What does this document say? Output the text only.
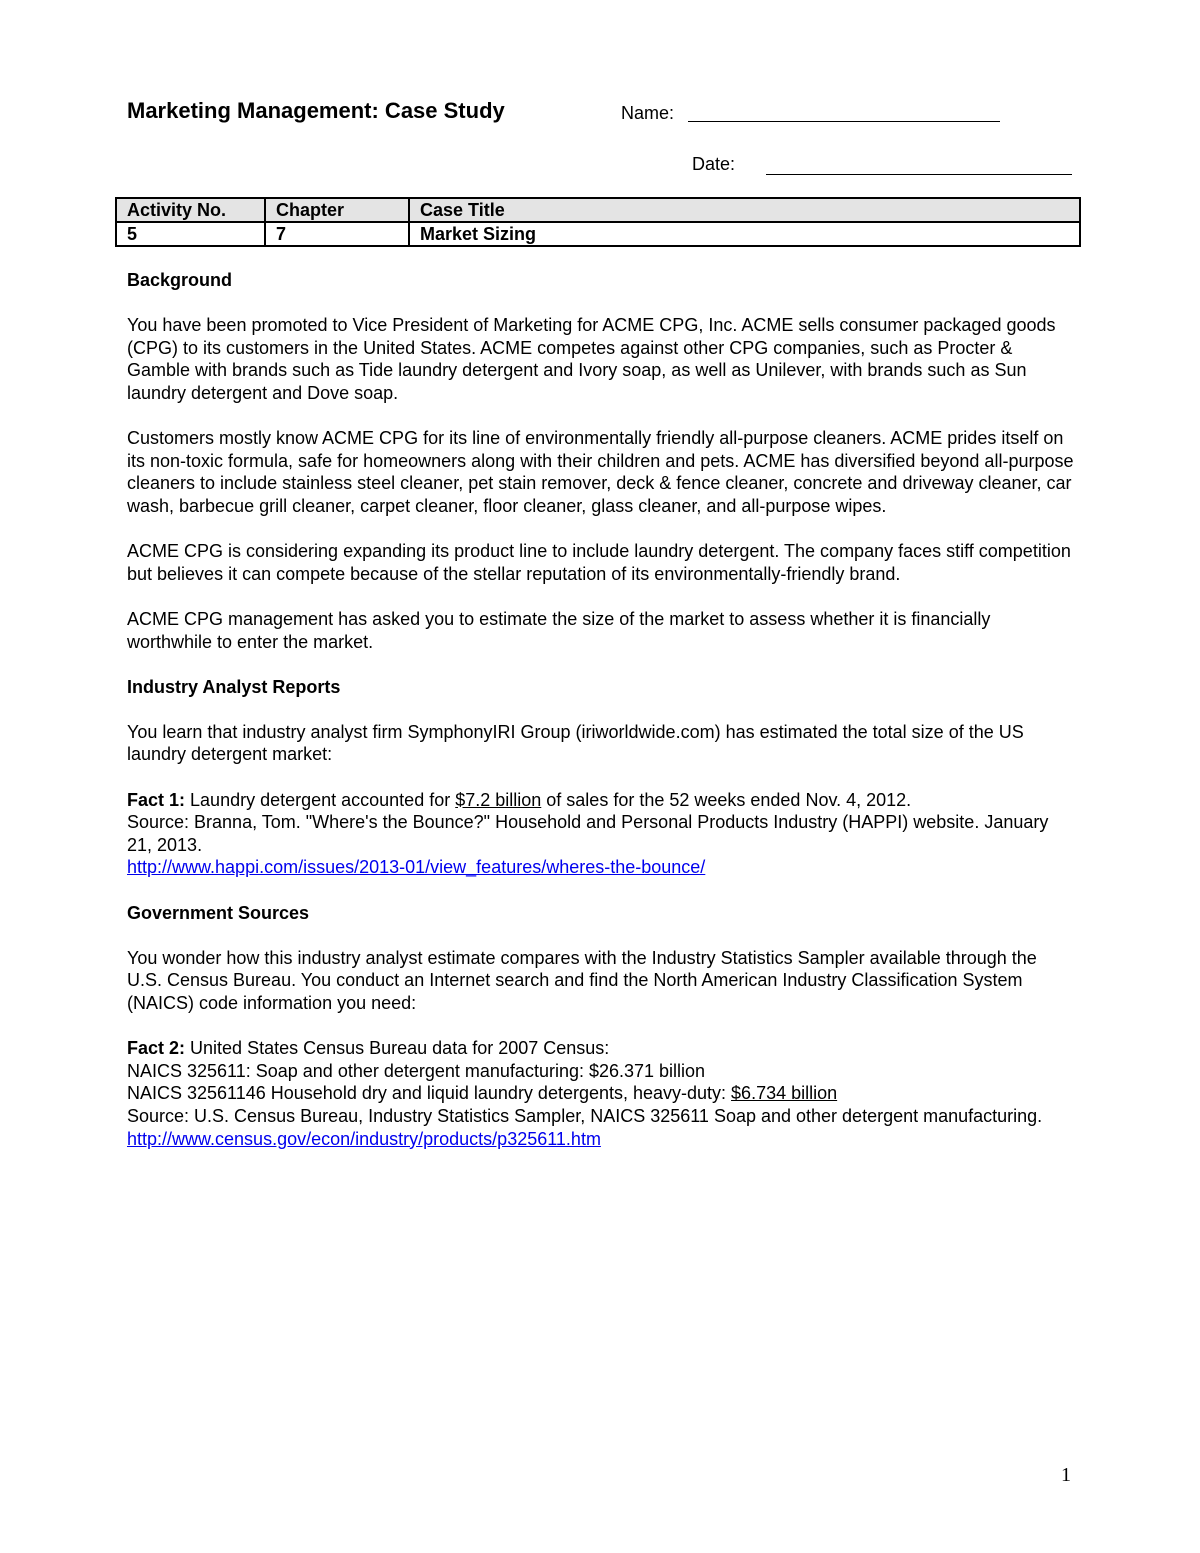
Marketing Management: Case Study	Name:
Date:
Activity No.	Chapter	Case Title
5	7	Market Sizing
Background

You have been promoted to Vice President of Marketing for ACME CPG, Inc. ACME sells consumer packaged goods (CPG) to its customers in the United States. ACME competes against other CPG companies, such as Procter & Gamble with brands such as Tide laundry detergent and Ivory soap, as well as Unilever, with brands such as Sun laundry detergent and Dove soap.

Customers mostly know ACME CPG for its line of environmentally friendly all-purpose cleaners. ACME prides itself on its non-toxic formula, safe for homeowners along with their children and pets. ACME has diversified beyond all-purpose cleaners to include stainless steel cleaner, pet stain remover, deck & fence cleaner, concrete and driveway cleaner, car wash, barbecue grill cleaner, carpet cleaner, floor cleaner, glass cleaner, and all-purpose wipes.

ACME CPG is considering expanding its product line to include laundry detergent. The company faces stiff competition but believes it can compete because of the stellar reputation of its environmentally-friendly brand.

ACME CPG management has asked you to estimate the size of the market to assess whether it is financially worthwhile to enter the market.

Industry Analyst Reports

You learn that industry analyst firm SymphonyIRI Group (iriworldwide.com) has estimated the total size of the US laundry detergent market:

Fact 1: Laundry detergent accounted for $7.2 billion of sales for the 52 weeks ended Nov. 4, 2012.

Source: Branna, Tom. "Where's the Bounce?" Household and Personal Products Industry (HAPPI) website. January 21, 2013.

http://www.happi.com/issues/2013-01/view_features/wheres-the-bounce/

Government Sources

You wonder how this industry analyst estimate compares with the Industry Statistics Sampler available through the U.S. Census Bureau. You conduct an Internet search and find the North American Industry Classification System (NAICS) code information you need:

Fact 2: United States Census Bureau data for 2007 Census:

NAICS 325611: Soap and other detergent manufacturing: $26.371 billion

NAICS 32561146 Household dry and liquid laundry detergents, heavy-duty: $6.734 billion

Source: U.S. Census Bureau, Industry Statistics Sampler, NAICS 325611 Soap and other detergent manufacturing.

http://www.census.gov/econ/industry/products/p325611.htm

1
